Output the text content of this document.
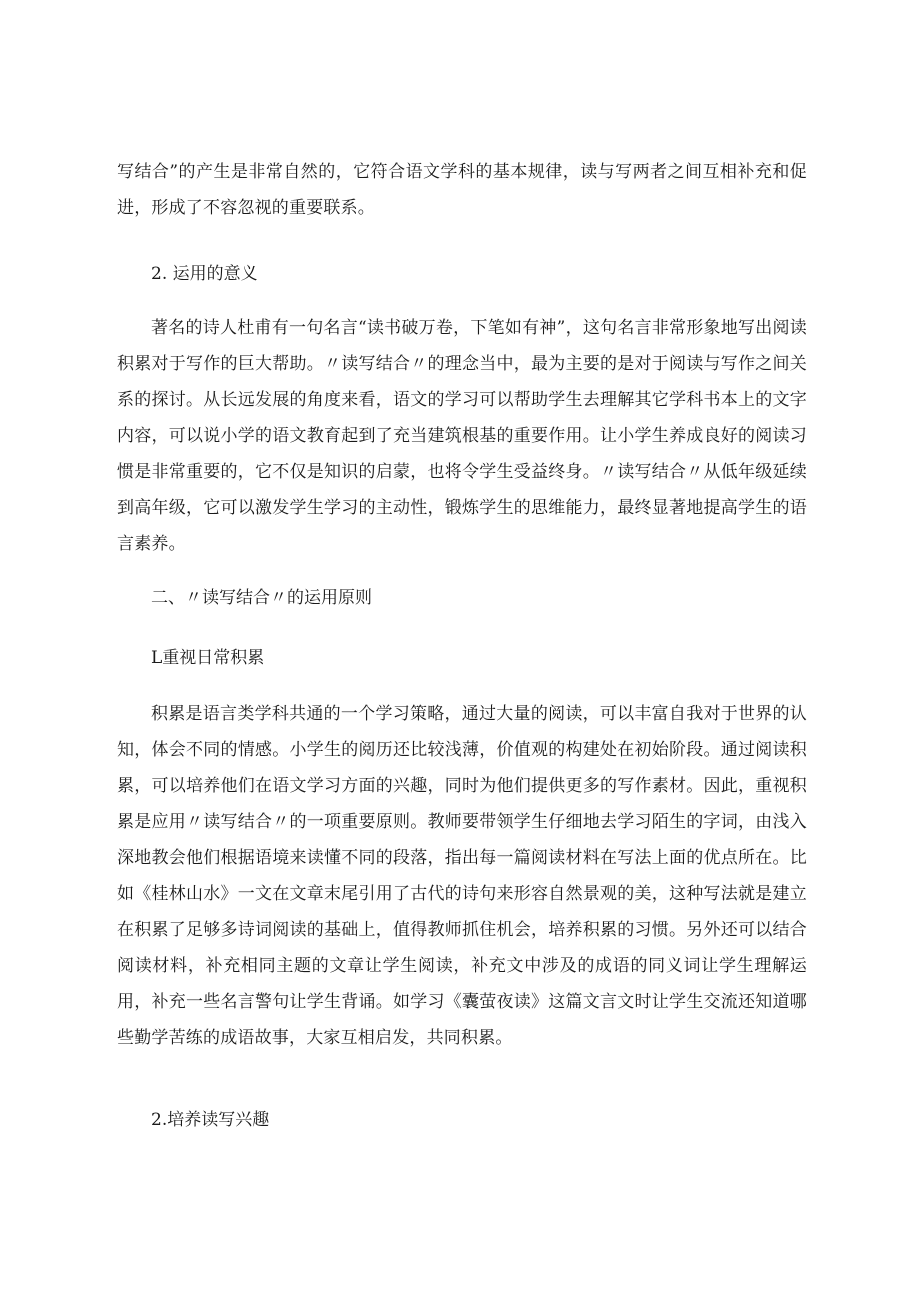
写结合”的产生是非常自然的，它符合语文学科的基本规律，读与写两者之间互相补充和促进，形成了不容忽视的重要联系。

2. 运用的意义

著名的诗人杜甫有一句名言“读书破万卷，下笔如有神”，这句名言非常形象地写出阅读积累对于写作的巨大帮助。〃读写结合〃的理念当中，最为主要的是对于阅读与写作之间关系的探讨。从长远发展的角度来看，语文的学习可以帮助学生去理解其它学科书本上的文字内容，可以说小学的语文教育起到了充当建筑根基的重要作用。让小学生养成良好的阅读习惯是非常重要的，它不仅是知识的启蒙，也将令学生受益终身。〃读写结合〃从低年级延续到高年级，它可以激发学生学习的主动性，锻炼学生的思维能力，最终显著地提高学生的语言素养。

二、〃读写结合〃的运用原则

L重视日常积累

积累是语言类学科共通的一个学习策略，通过大量的阅读，可以丰富自我对于世界的认知，体会不同的情感。小学生的阅历还比较浅薄，价值观的构建处在初始阶段。通过阅读积累，可以培养他们在语文学习方面的兴趣，同时为他们提供更多的写作素材。因此，重视积累是应用〃读写结合〃的一项重要原则。教师要带领学生仔细地去学习陌生的字词，由浅入深地教会他们根据语境来读懂不同的段落，指出每一篇阅读材料在写法上面的优点所在。比如《桂林山水》一文在文章末尾引用了古代的诗句来形容自然景观的美，这种写法就是建立在积累了足够多诗词阅读的基础上，值得教师抓住机会，培养积累的习惯。另外还可以结合阅读材料，补充相同主题的文章让学生阅读，补充文中涉及的成语的同义词让学生理解运用，补充一些名言警句让学生背诵。如学习《囊萤夜读》这篇文言文时让学生交流还知道哪些勤学苦练的成语故事，大家互相启发，共同积累。

2.培养读写兴趣
